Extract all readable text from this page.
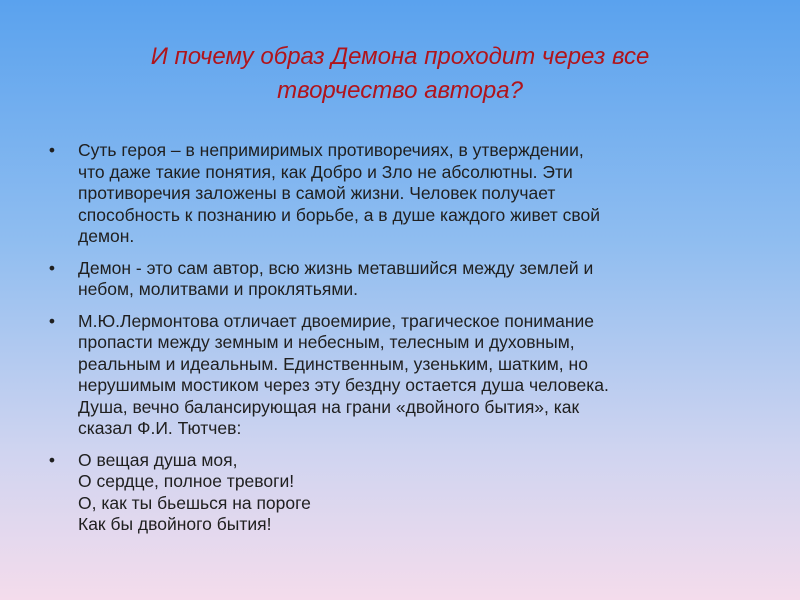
И почему образ Демона проходит через все
творчество автора?
•	Суть героя – в непримиримых противоречиях, в утверждении,
что даже такие понятия, как Добро и Зло не абсолютны. Эти
противоречия заложены в самой жизни. Человек получает
способность к познанию и борьбе, а в душе каждого живет свой
демон.
•	Демон - это сам автор, всю жизнь метавшийся между землей и
небом, молитвами и проклятьями.
•	М.Ю.Лермонтова отличает двоемирие, трагическое понимание
пропасти между земным и небесным, телесным и духовным,
реальным и идеальным. Единственным, узеньким, шатким, но
нерушимым мостиком через эту бездну остается душа человека.
Душа, вечно балансирующая на грани «двойного бытия», как
сказал Ф.И. Тютчев:
•	О вещая душа моя,
О сердце, полное тревоги!
О, как ты бьешься на пороге
Как бы двойного бытия!
